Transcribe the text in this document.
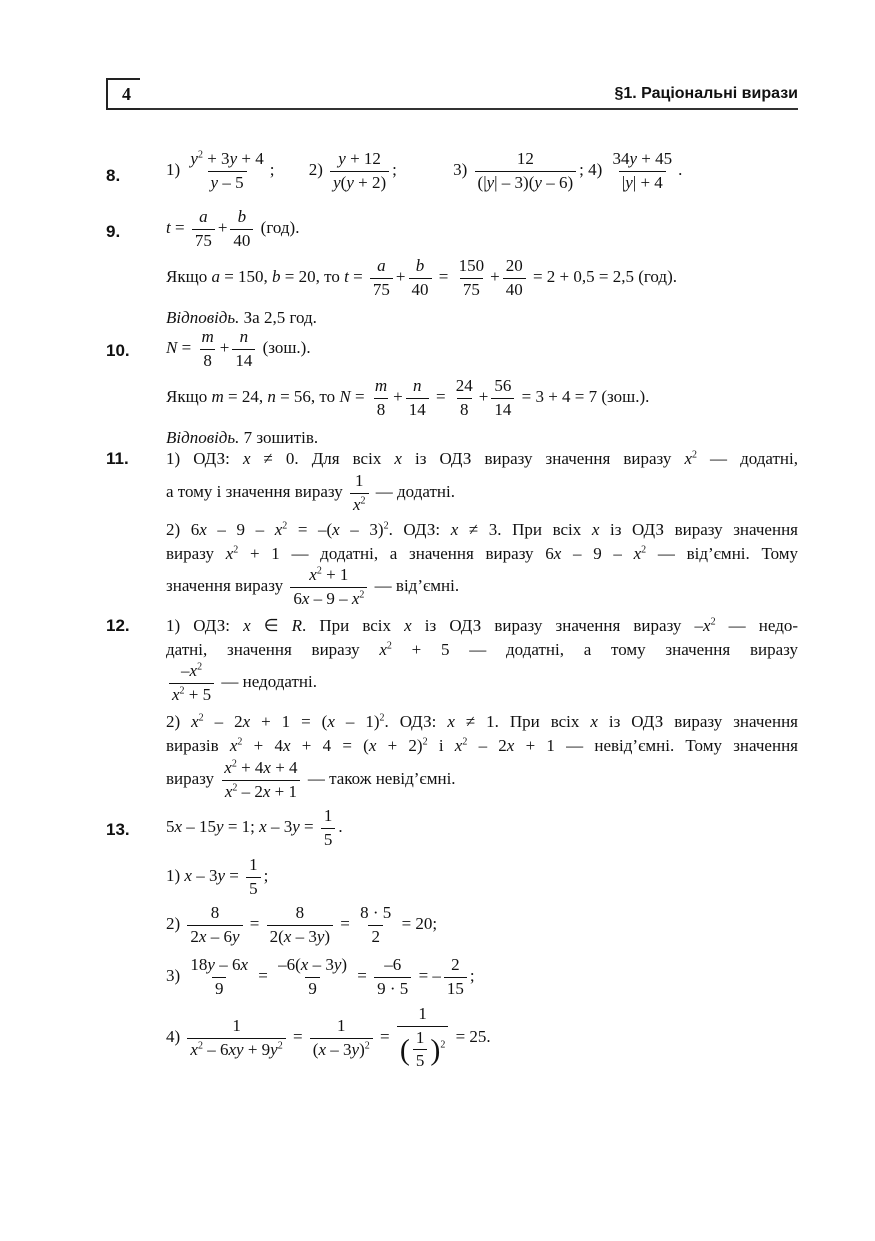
4	§1. Раціональні вирази
8.	$1) \frac{y^2 + 3y + 4}{y - 5}$ ; $2) \frac{y + 12}{y(y + 2)}$ ;	$3) \frac{12}{(|y| - 3)(y - 6)}$ ; $4) \frac{34y + 45}{|y| + 4}$ .
9.	$t = \frac{a}{75} + \frac{b}{40} (год)$.
Якщо a = 150, b = 20, то $t = \frac{a}{75} + \frac{b}{40} = \frac{150}{75} + \frac{20}{40} = 2 + 0,5 = 2,5$ (год).
Відповідь. За 2,5 год.
10. $N = \frac{m}{8} + \frac{n}{14} (зош.)$.
Якщо m = 24, n = 56, то $N = \frac{m}{8} + \frac{n}{14} = \frac{24}{8} + \frac{56}{14} = 3 + 4 = 7$ (зош.).
Відповідь. 7 зошитів.
11. 1) ОДЗ: x ≠ 0. Для всіх x із ОДЗ виразу значення виразу $x^2$ — додатні,
а тому і значення виразу $\frac{1}{x^2}$ — додатні.
2) $6x - 9 - x^2 = -(x - 3)^2$. ОДЗ: x ≠ 3. При всіх x із ОДЗ виразу значення
виразу $x^2 + 1$ — додатні, а значення виразу $6x - 9 - x^2$ — від’ємні. Тому
значення виразу $\frac{x^2 + 1}{6x - 9 - x^2}$ — від’ємні.
12. 1) ОДЗ: x ∈ R. При всіх x із ОДЗ виразу значення виразу $-x^2$ — недо-
датні, значення виразу $x^2 + 5$ — додатні, а тому значення виразу
$\frac{-x^2}{x^2 + 5}$ — недодатні.
2) $x^2 - 2x + 1 = (x - 1)^2$. ОДЗ: x ≠ 1. При всіх x із ОДЗ виразу значення
виразів $x^2 + 4x + 4 = (x + 2)^2$ і $x^2 - 2x + 1$ — невід’ємні. Тому значення
виразу $\frac{x^2 + 4x + 4}{x^2 - 2x + 1}$ — також невід’ємні.
13. 5x – 15y = 1; $x - 3y = \frac{1}{5}$ .
1) $x - 3y = \frac{1}{5}$ ;
$2) \frac{8}{2x - 6y} = \frac{8}{2(x - 3y)} = \frac{8 \cdot 5}{2} = 20$;
$3) \frac{18y - 6x}{9} = \frac{-6(x - 3y)}{9} = \frac{-6}{9 \cdot 5}$ = – $\frac{2}{15}$ ;
$4) \frac{1}{x^2 - 6xy + 9y^2} = \frac{1}{(x - 3y)^2} = \frac{1}{( \frac{1}{5} )^2} = 25$.
